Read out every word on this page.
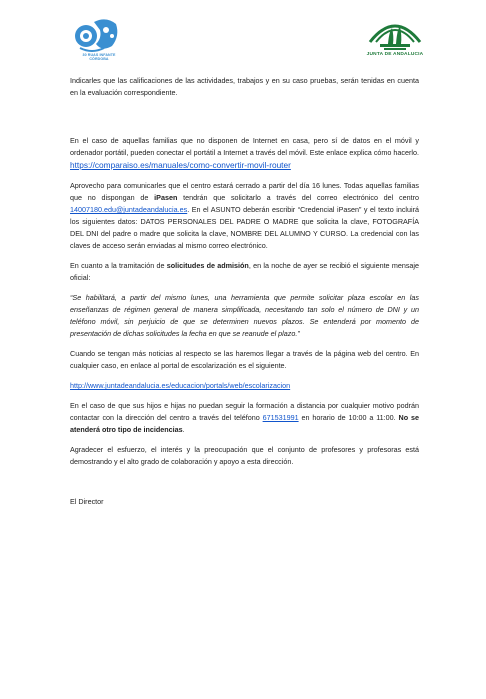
30 RUAS INFANTE
CÓRDOBA
JUNTA DE ANDALUCIA

Indicarles que las calificaciones de las actividades, trabajos y en su caso pruebas, serán tenidas en cuenta en la evaluación correspondiente.

En el caso de aquellas familias que no disponen de Internet en casa, pero sí de datos en el móvil y ordenador portátil, pueden conectar el portátil a Internet a través del móvil. Este enlace explica cómo hacerlo. https://comparaiso.es/manuales/como-convertir-movil-router

Aprovecho para comunicarles que el centro estará cerrado a partir del día 16 lunes. Todas aquellas familias que no dispongan de iPasen tendrán que solicitarlo a través del correo electrónico del centro 14007180.edu@juntadeandalucia.es. En el ASUNTO deberán escribir “Credencial iPasen” y el texto incluirá los siguientes datos: DATOS PERSONALES DEL PADRE O MADRE que solicita la clave, FOTOGRAFÍA DEL DNI del padre o madre que solicita la clave, NOMBRE DEL ALUMNO Y CURSO. La credencial con las claves de acceso serán enviadas al mismo correo electrónico.

En cuanto a la tramitación de solicitudes de admisión, en la noche de ayer se recibió el siguiente mensaje oficial:

“Se habilitará, a partir del mismo lunes, una herramienta que permite solicitar plaza escolar en las enseñanzas de régimen general de manera simplificada, necesitando tan solo el número de DNI y un teléfono móvil, sin perjuicio de que se determinen nuevos plazos. Se entenderá por momento de presentación de dichas solicitudes la fecha en que se reanude el plazo.”

Cuando se tengan más noticias al respecto se las haremos llegar a través de la página web del centro. En cualquier caso, en enlace al portal de escolarización es el siguiente.

http://www.juntadeandalucia.es/educacion/portals/web/escolarizacion

En el caso de que sus hijos e hijas no puedan seguir la formación a distancia por cualquier motivo podrán contactar con la dirección del centro a través del teléfono 671531991 en horario de 10:00 a 11:00. No se atenderá otro tipo de incidencias.

Agradecer el esfuerzo, el interés y la preocupación que el conjunto de profesores y profesoras está demostrando y el alto grado de colaboración y apoyo a esta dirección.

El Director
